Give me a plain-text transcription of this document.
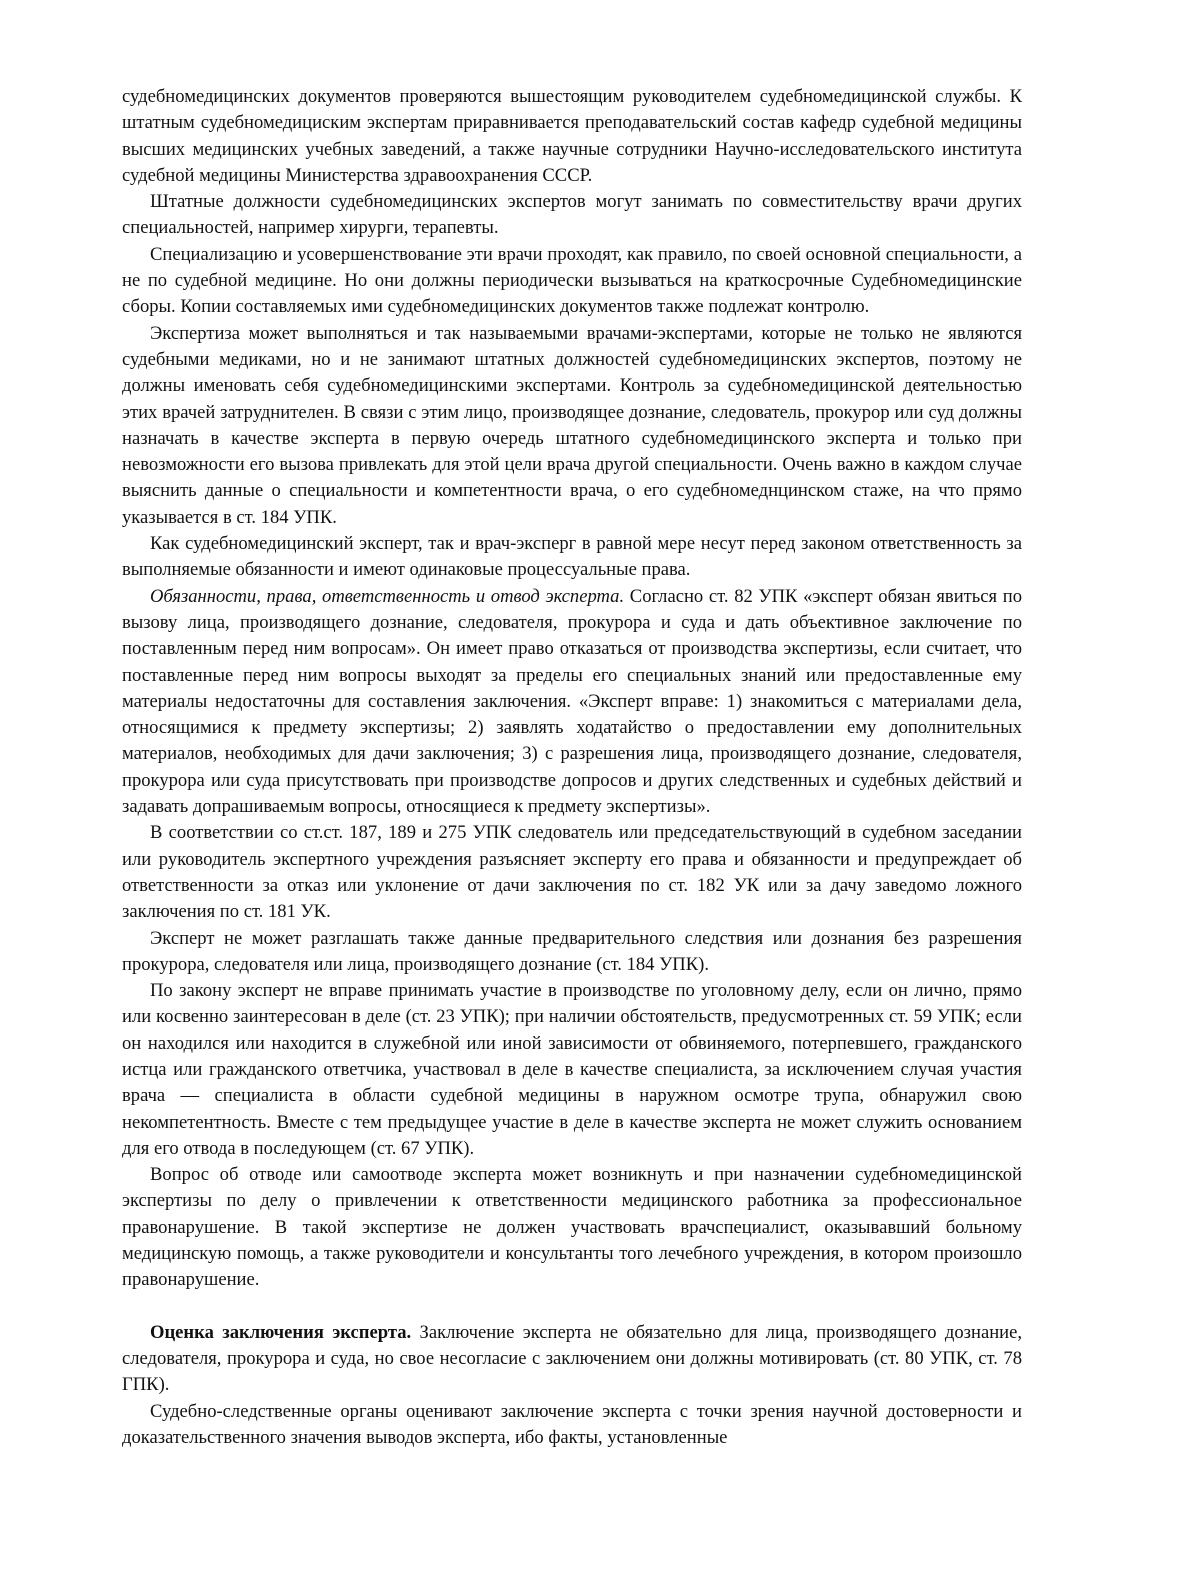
судебномедицинских документов проверяются вышестоящим руководителем судебномедицинской службы. К штатным судебномедициским экспертам приравнивается преподавательский состав кафедр судебной медицины высших медицинских учебных заведений, а также научные сотрудники Научно-исследовательского института судебной медицины Министерства здравоохранения СССР.

Штатные должности судебномедицинских экспертов могут занимать по совместительству врачи других специальностей, например хирурги, терапевты.

Специализацию и усовершенствование эти врачи проходят, как правило, по своей основной специальности, а не по судебной медицине. Но они должны периодически вызываться на краткосрочные Судебномедицинские сборы. Копии составляемых ими судебномедицинских документов также подлежат контролю.

Экспертиза может выполняться и так называемыми врачами-экспертами, которые не только не являются судебными медиками, но и не занимают штатных должностей судебномедицинских экспертов, поэтому не должны именовать себя судебномедицинскими экспертами. Контроль за судебномедицинской деятельностью этих врачей затруднителен. В связи с этим лицо, производящее дознание, следователь, прокурор или суд должны назначать в качестве эксперта в первую очередь штатного судебномедицинского эксперта и только при невозможности его вызова привлекать для этой цели врача другой специальности. Очень важно в каждом случае выяснить данные о специальности и компетентности врача, о его судебномеднцинском стаже, на что прямо указывается в ст. 184 УПК.

Как судебномедицинский эксперт, так и врач-эксперг в равной мере несут перед законом ответственность за выполняемые обязанности и имеют одинаковые процессуальные права.

Обязанности, права, ответственность и отвод эксперта. Согласно ст. 82 УПК «эксперт обязан явиться по вызову лица, производящего дознание, следователя, прокурора и суда и дать объективное заключение по поставленным перед ним вопросам». Он имеет право отказаться от производства экспертизы, если считает, что поставленные перед ним вопросы выходят за пределы его специальных знаний или предоставленные ему материалы недостаточны для составления заключения. «Эксперт вправе: 1) знакомиться с материалами дела, относящимися к предмету экспертизы; 2) заявлять ходатайство о предоставлении ему дополнительных материалов, необходимых для дачи заключения; 3) с разрешения лица, производящего дознание, следователя, прокурора или суда присутствовать при производстве допросов и других следственных и судебных действий и задавать допрашиваемым вопросы, относящиеся к предмету экспертизы».

В соответствии со ст.ст. 187, 189 и 275 УПК следователь или председательствующий в судебном заседании или руководитель экспертного учреждения разъясняет эксперту его права и обязанности и предупреждает об ответственности за отказ или уклонение от дачи заключения по ст. 182 УК или за дачу заведомо ложного заключения по ст. 181 УК.

Эксперт не может разглашать также данные предварительного следствия или дознания без разрешения прокурора, следователя или лица, производящего дознание (ст. 184 УПК).

По закону эксперт не вправе принимать участие в производстве по уголовному делу, если он лично, прямо или косвенно заинтересован в деле (ст. 23 УПК); при наличии обстоятельств, предусмотренных ст. 59 УПК; если он находился или находится в служебной или иной зависимости от обвиняемого, потерпевшего, гражданского истца или гражданского ответчика, участвовал в деле в качестве специалиста, за исключением случая участия врача — специалиста в области судебной медицины в наружном осмотре трупа, обнаружил свою некомпетентность. Вместе с тем предыдущее участие в деле в качестве эксперта не может служить основанием для его отвода в последующем (ст. 67 УПК).

Вопрос об отводе или самоотводе эксперта может возникнуть и при назначении судебномедицинской экспертизы по делу о привлечении к ответственности медицинского работника за профессиональное правонарушение. В такой экспертизе не должен участвовать врачспециалист, оказывавший больному медицинскую помощь, а также руководители и консультанты того лечебного учреждения, в котором произошло правонарушение.

Оценка заключения эксперта. Заключение эксперта не обязательно для лица, производящего дознание, следователя, прокурора и суда, но свое несогласие с заключением они должны мотивировать (ст. 80 УПК, ст. 78 ГПК).

Судебно-следственные органы оценивают заключение эксперта с точки зрения научной достоверности и доказательственного значения выводов эксперта, ибо факты, установленные
